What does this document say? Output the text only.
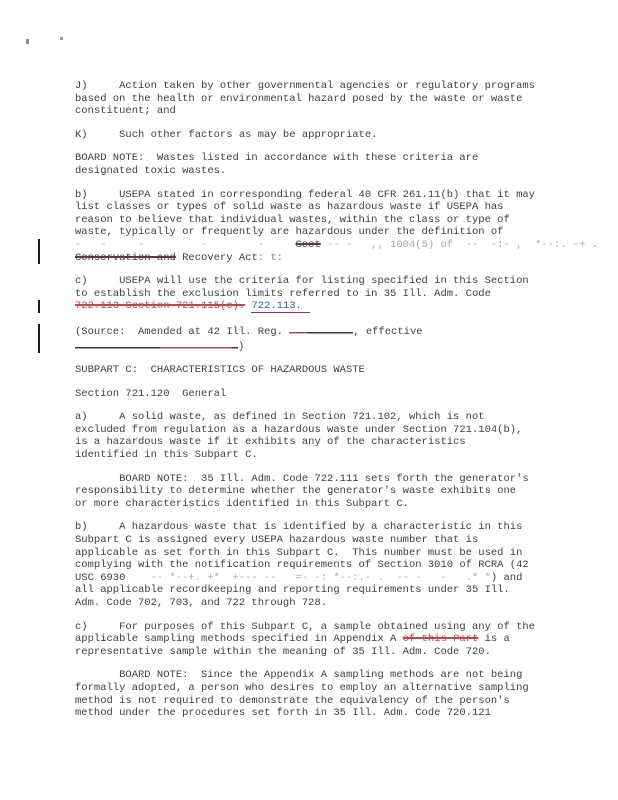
J)     Action taken by other governmental agencies or regulatory programs
based on the health or environmental hazard posed by the waste or waste
constituent; and

K)     Such other factors as may be appropriate.

BOARD NOTE:  Wastes listed in accordance with these criteria are
designated toxic wastes.

b)     USEPA stated in corresponding federal 40 CFR 261.11(b) that it may
list classes or types of solid waste as hazardous waste if USEPA has
reason to believe that individual wastes, within the class or type of
waste, typically or frequently are hazardous under the definition of
-   -     -         -        -     Sect -- -   ,, 1004(5) of  --  -:- ,  *--:. -+ .
Conservation and Recovery Act: t:

c)     USEPA will use the criteria for listing specified in this Section
to establish the exclusion limits referred to in 35 Ill. Adm. Code
722.113 Section 721.115(c). 722.113.

(Source:  Amended at 42 Ill. Reg.	, effective
)

SUBPART C:  CHARACTERISTICS OF HAZARDOUS WASTE

Section 721.120  General

a)     A solid waste, as defined in Section 721.102, which is not
excluded from regulation as a hazardous waste under Section 721.104(b),
is a hazardous waste if it exhibits any of the characteristics
identified in this Subpart C.

BOARD NOTE:  35 Ill. Adm. Code 722.111 sets forth the generator's
responsibility to determine whether the generator's waste exhibits one
or more characteristics identified in this Subpart C.

b)     A hazardous waste that is identified by a characteristic in this
Subpart C is assigned every USEPA hazardous waste number that is
applicable as set forth in this Subpart C.  This number must be used in
complying with the notification requirements of Section 3010 of RCRA (42
USC 6930    -- *--+. +*  +--- --   =- -: *--:.- .  -- -   -   .* *) and
all applicable recordkeeping and reporting requirements under 35 Ill.
Adm. Code 702, 703, and 722 through 728.

c)     For purposes of this Subpart C, a sample obtained using any of the
applicable sampling methods specified in Appendix A of this Part is a
representative sample within the meaning of 35 Ill. Adm. Code 720.

BOARD NOTE:  Since the Appendix A sampling methods are not being
formally adopted, a person who desires to employ an alternative sampling
method is not required to demonstrate the equivalency of the person's
method under the procedures set forth in 35 Ill. Adm. Code 720.121
